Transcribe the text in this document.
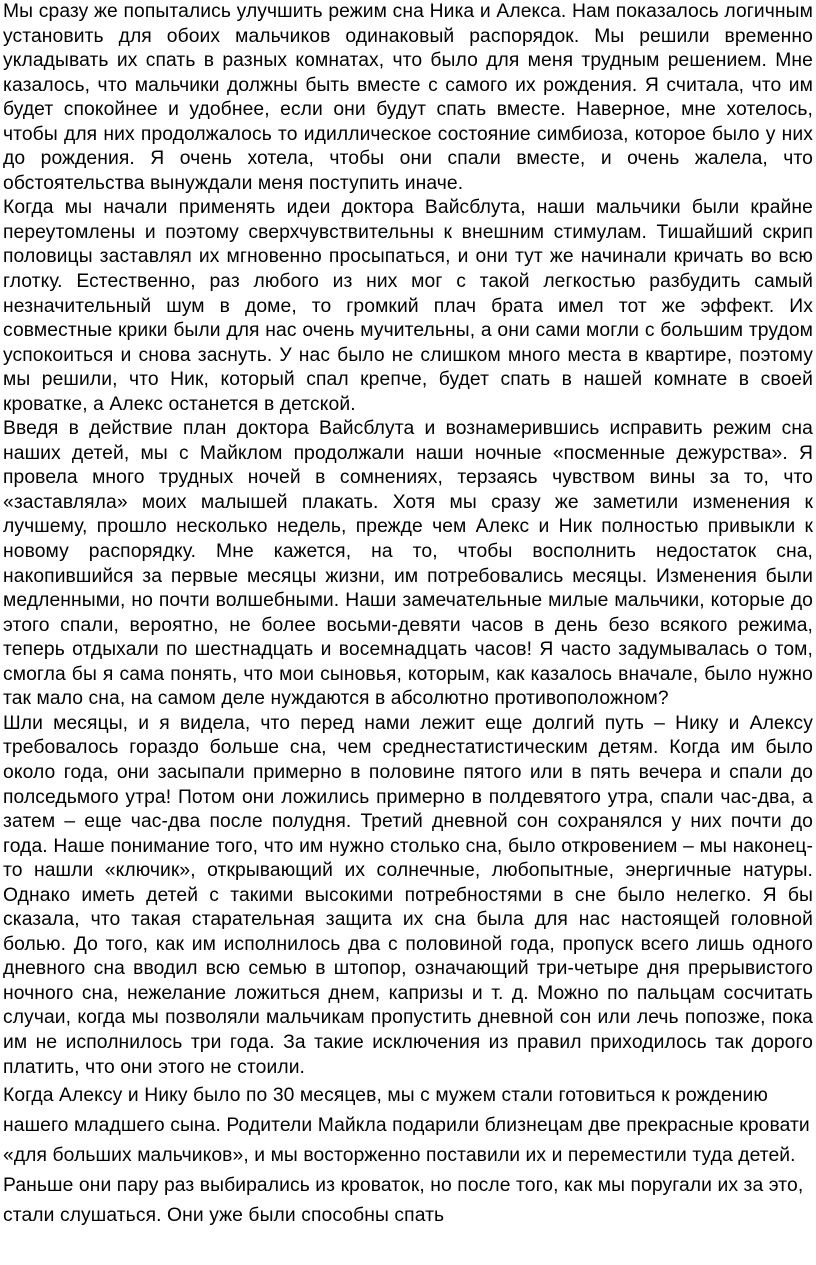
Мы сразу же попытались улучшить режим сна Ника и Алекса. Нам показалось логичным установить для обоих мальчиков одинаковый распорядок. Мы решили временно укладывать их спать в разных комнатах, что было для меня трудным решением. Мне казалось, что мальчики должны быть вместе с самого их рождения. Я считала, что им будет спокойнее и удобнее, если они будут спать вместе. Наверное, мне хотелось, чтобы для них продолжалось то идиллическое состояние симбиоза, которое было у них до рождения. Я очень хотела, чтобы они спали вместе, и очень жалела, что обстоятельства вынуждали меня поступить иначе.

Когда мы начали применять идеи доктора Вайсблута, наши мальчики были крайне переутомлены и поэтому сверхчувствительны к внешним стимулам. Тишайший скрип половицы заставлял их мгновенно просыпаться, и они тут же начинали кричать во всю глотку. Естественно, раз любого из них мог с такой легкостью разбудить самый незначительный шум в доме, то громкий плач брата имел тот же эффект. Их совместные крики были для нас очень мучительны, а они сами могли с большим трудом успокоиться и снова заснуть. У нас было не слишком много места в квартире, поэтому мы решили, что Ник, который спал крепче, будет спать в нашей комнате в своей кроватке, а Алекс останется в детской.

Введя в действие план доктора Вайсблута и вознамерившись исправить режим сна наших детей, мы с Майклом продолжали наши ночные «посменные дежурства». Я провела много трудных ночей в сомнениях, терзаясь чувством вины за то, что «заставляла» моих малышей плакать. Хотя мы сразу же заметили изменения к лучшему, прошло несколько недель, прежде чем Алекс и Ник полностью привыкли к новому распорядку. Мне кажется, на то, чтобы восполнить недостаток сна, накопившийся за первые месяцы жизни, им потребовались месяцы. Изменения были медленными, но почти волшебными. Наши замечательные милые мальчики, которые до этого спали, вероятно, не более восьми-девяти часов в день безо всякого режима, теперь отдыхали по шестнадцать и восемнадцать часов! Я часто задумывалась о том, смогла бы я сама понять, что мои сыновья, которым, как казалось вначале, было нужно так мало сна, на самом деле нуждаются в абсолютно противоположном?

Шли месяцы, и я видела, что перед нами лежит еще долгий путь – Нику и Алексу требовалось гораздо больше сна, чем среднестатистическим детям. Когда им было около года, они засыпали примерно в половине пятого или в пять вечера и спали до полседьмого утра! Потом они ложились примерно в полдевятого утра, спали час-два, а затем – еще час-два после полудня. Третий дневной сон сохранялся у них почти до года. Наше понимание того, что им нужно столько сна, было откровением – мы наконец-то нашли «ключик», открывающий их солнечные, любопытные, энергичные натуры. Однако иметь детей с такими высокими потребностями в сне было нелегко. Я бы сказала, что такая старательная защита их сна была для нас настоящей головной болью. До того, как им исполнилось два с половиной года, пропуск всего лишь одного дневного сна вводил всю семью в штопор, означающий три-четыре дня прерывистого ночного сна, нежелание ложиться днем, капризы и т. д. Можно по пальцам сосчитать случаи, когда мы позволяли мальчикам пропустить дневной сон или лечь попозже, пока им не исполнилось три года. За такие исключения из правил приходилось так дорого платить, что они этого не стоили.

Когда Алексу и Нику было по 30 месяцев, мы с мужем стали готовиться к рождению нашего младшего сына. Родители Майкла подарили близнецам две прекрасные кровати «для больших мальчиков», и мы восторженно поставили их и переместили туда детей. Раньше они пару раз выбирались из кроваток, но после того, как мы поругали их за это, стали слушаться. Они уже были способны спать
